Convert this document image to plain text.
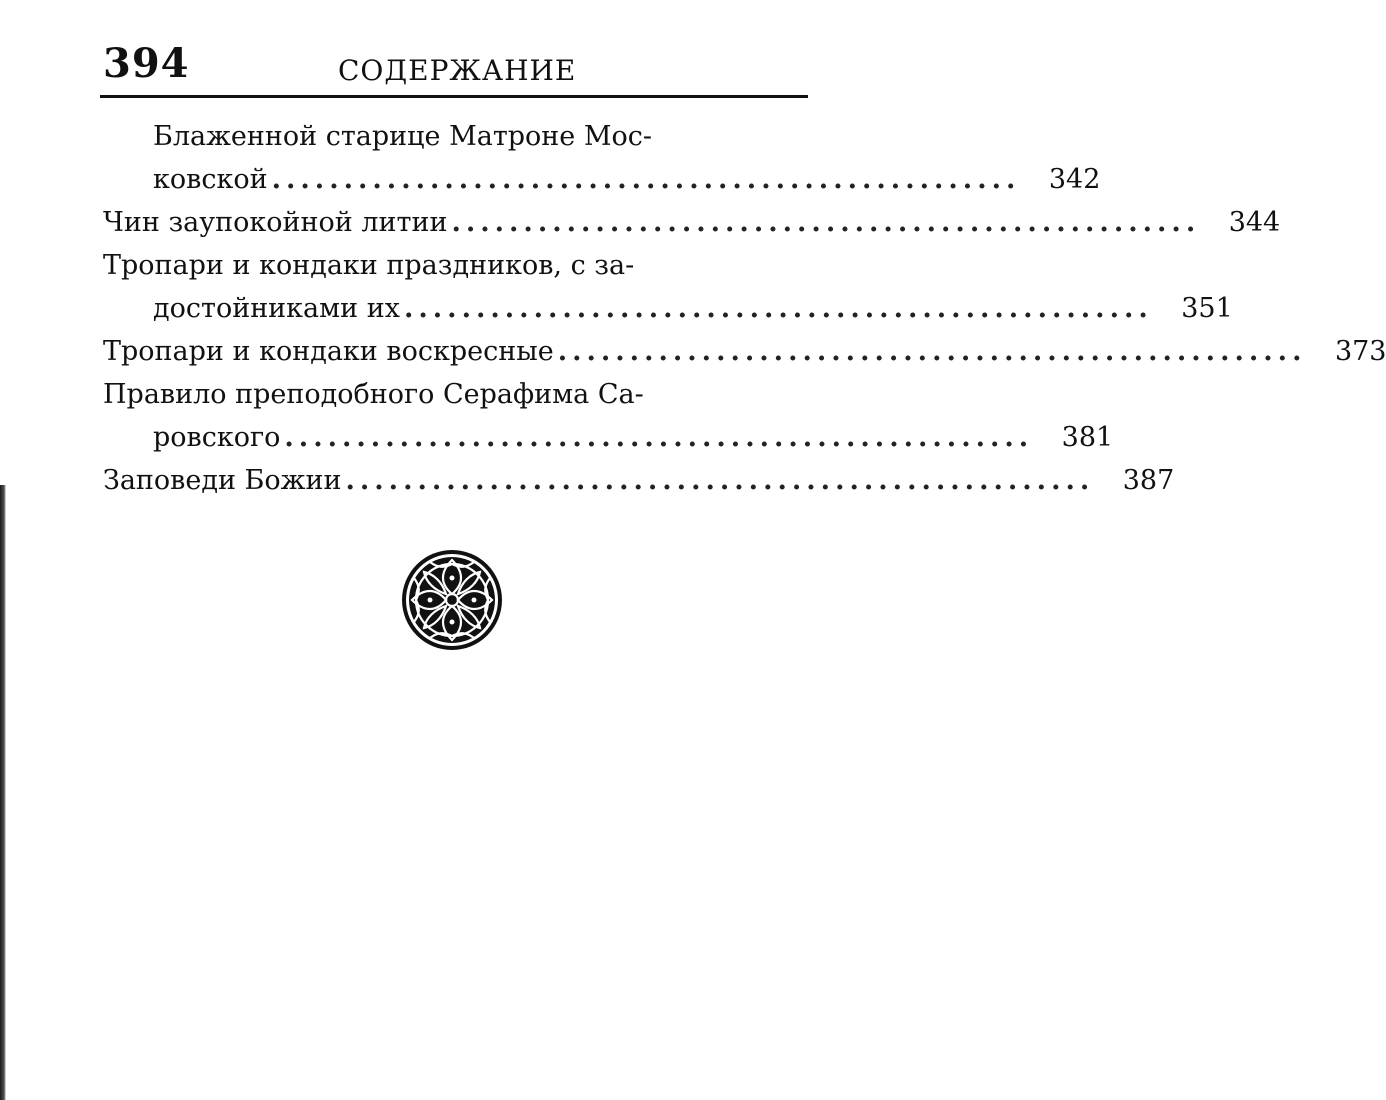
394	СОДЕРЖАНИЕ
Блаженной старице Матроне Мос-
ковской ....................................................	342
Чин заупокойной литии ....................................................	344
Тропари и кондаки праздников, с за-
достойниками их ....................................................	351
Тропари и кондаки воскресные ....................................................	373
Правило преподобного Серафима Са-
ровского ....................................................	381
Заповеди Божии ....................................................	387
